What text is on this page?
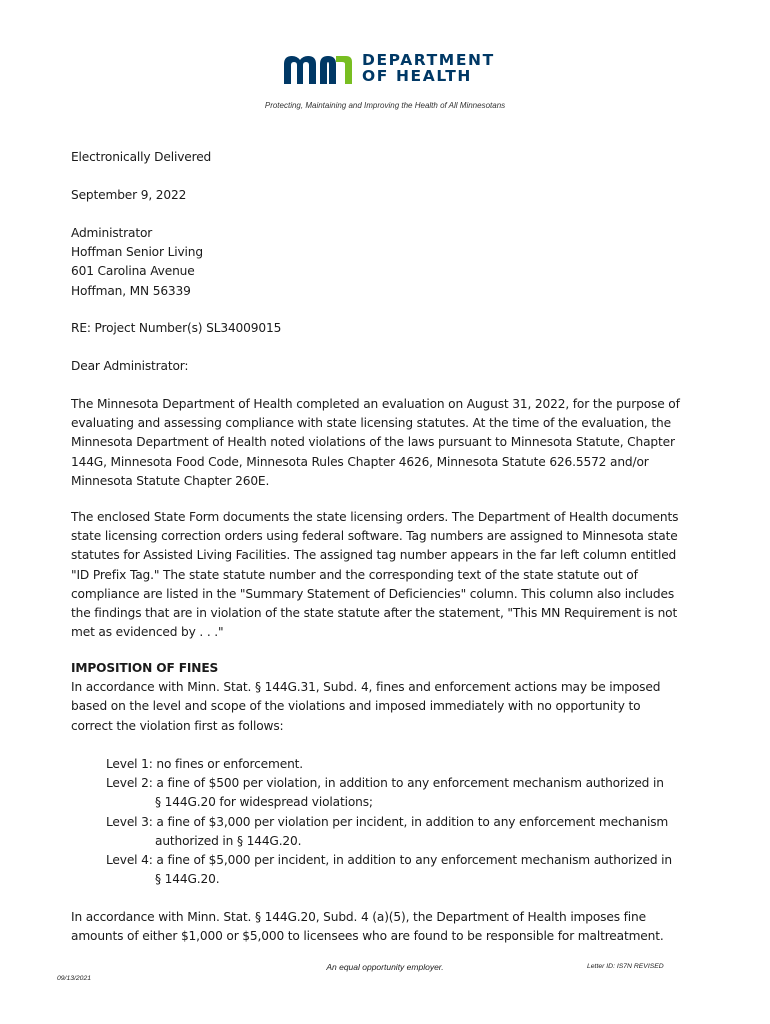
DEPARTMENT
OF HEALTH
Protecting, Maintaining and Improving the Health of All Minnesotans
Electronically Delivered
September 9, 2022
Administrator
Hoffman Senior Living
601 Carolina Avenue
Hoffman, MN 56339
RE: Project Number(s) SL34009015
Dear Administrator:
The Minnesota Department of Health completed an evaluation on August 31, 2022, for the purpose of
evaluating and assessing compliance with state licensing statutes. At the time of the evaluation, the
Minnesota Department of Health noted violations of the laws pursuant to Minnesota Statute, Chapter
144G, Minnesota Food Code, Minnesota Rules Chapter 4626, Minnesota Statute 626.5572 and/or
Minnesota Statute Chapter 260E.
The enclosed State Form documents the state licensing orders. The Department of Health documents
state licensing correction orders using federal software. Tag numbers are assigned to Minnesota state
statutes for Assisted Living Facilities. The assigned tag number appears in the far left column entitled
"ID Prefix Tag." The state statute number and the corresponding text of the state statute out of
compliance are listed in the "Summary Statement of Deficiencies" column. This column also includes
the findings that are in violation of the state statute after the statement, "This MN Requirement is not
met as evidenced by . . ."
IMPOSITION OF FINES
In accordance with Minn. Stat. § 144G.31, Subd. 4, fines and enforcement actions may be imposed
based on the level and scope of the violations and imposed immediately with no opportunity to
correct the violation first as follows:
Level 1: no fines or enforcement.
Level 2: a fine of $500 per violation, in addition to any enforcement mechanism authorized in
§ 144G.20 for widespread violations;
Level 3: a fine of $3,000 per violation per incident, in addition to any enforcement mechanism
authorized in § 144G.20.
Level 4: a fine of $5,000 per incident, in addition to any enforcement mechanism authorized in
§ 144G.20.
In accordance with Minn. Stat. § 144G.20, Subd. 4 (a)(5), the Department of Health imposes fine
amounts of either $1,000 or $5,000 to licensees who are found to be responsible for maltreatment.
An equal opportunity employer.	Letter ID: IS7N REVISED
09/13/2021
